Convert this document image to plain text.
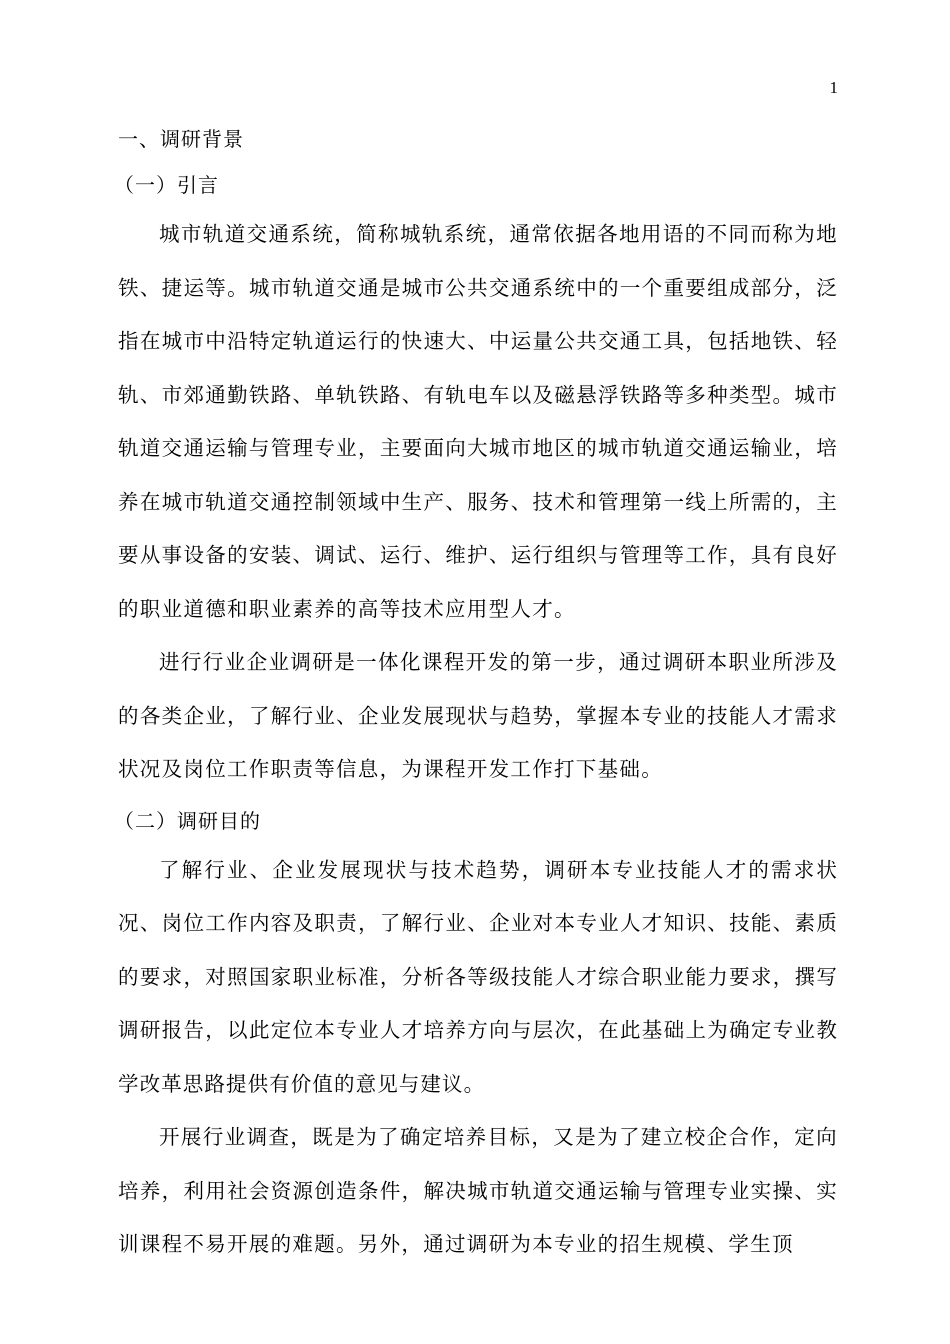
1
一、调研背景
（一）引言

城市轨道交通系统，简称城轨系统，通常依据各地用语的不同而称为地铁、捷运等。城市轨道交通是城市公共交通系统中的一个重要组成部分，泛指在城市中沿特定轨道运行的快速大、中运量公共交通工具，包括地铁、轻轨、市郊通勤铁路、单轨铁路、有轨电车以及磁悬浮铁路等多种类型。城市轨道交通运输与管理专业，主要面向大城市地区的城市轨道交通运输业，培养在城市轨道交通控制领域中生产、服务、技术和管理第一线上所需的，主要从事设备的安装、调试、运行、维护、运行组织与管理等工作，具有良好的职业道德和职业素养的高等技术应用型人才。

进行行业企业调研是一体化课程开发的第一步，通过调研本职业所涉及的各类企业，了解行业、企业发展现状与趋势，掌握本专业的技能人才需求状况及岗位工作职责等信息，为课程开发工作打下基础。

（二）调研目的

了解行业、企业发展现状与技术趋势，调研本专业技能人才的需求状况、岗位工作内容及职责，了解行业、企业对本专业人才知识、技能、素质的要求，对照国家职业标准，分析各等级技能人才综合职业能力要求，撰写调研报告，以此定位本专业人才培养方向与层次，在此基础上为确定专业教学改革思路提供有价值的意见与建议。

开展行业调查，既是为了确定培养目标，又是为了建立校企合作，定向培养，利用社会资源创造条件，解决城市轨道交通运输与管理专业实操、实训课程不易开展的难题。另外，通过调研为本专业的招生规模、学生顶
